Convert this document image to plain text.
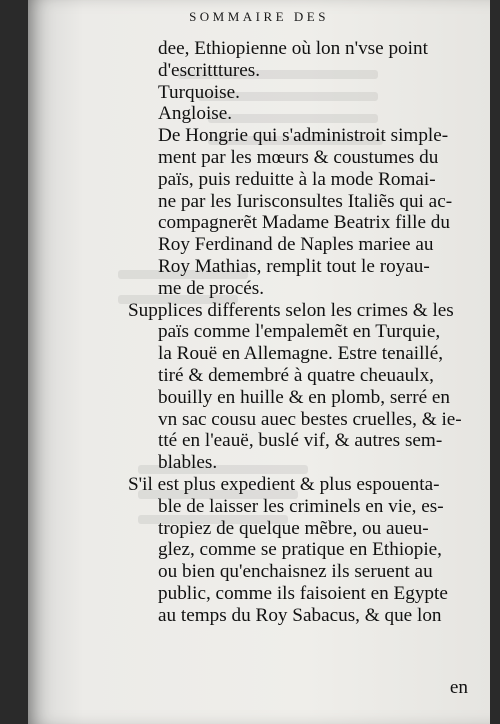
SOMMAIRE DES
dee, Ethiopienne où lon n'vse point
d'escritttures.
Turquoise.
Angloise.
De Hongrie qui s'administroit simple-
ment par les mœurs & coustumes du
païs, puis reduitte à la mode Romai-
ne par les Iurisconsultes Italiẽs qui ac-
compagnerẽt Madame Beatrix fille du
Roy Ferdinand de Naples mariee au
Roy Mathias, remplit tout le royau-
me de procés.
Supplices differents selon les crimes & les
païs comme l'empalemẽt en Turquie,
la Rouë en Allemagne. Estre tenaillé,
tiré & demembré à quatre cheuaulx,
bouilly en huille & en plomb, serré en
vn sac cousu auec bestes cruelles, & ie-
tté en l'eauë, buslé vif, & autres sem-
blables.
S'il est plus expedient & plus espouenta-
ble de laisser les criminels en vie, es-
tropiez de quelque mẽbre, ou aueu-
glez, comme se pratique en Ethiopie,
ou bien qu'enchaisnez ils seruent au
public, comme ils faisoient en Egypte
au temps du Roy Sabacus, & que lon
en
